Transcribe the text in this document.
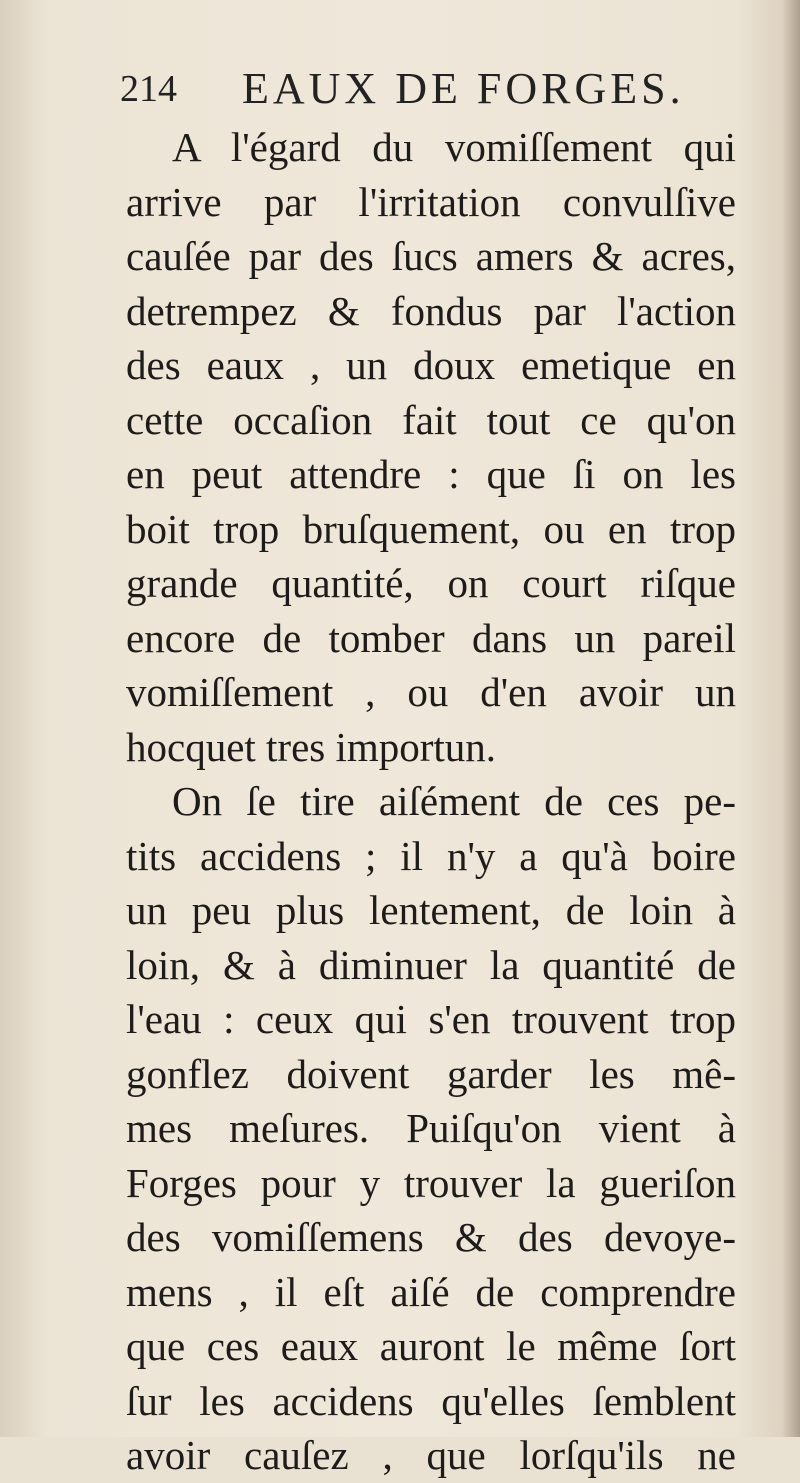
214 EAUX DE FORGES.
A l'égard du vomiſſement qui
arrive par l'irritation convulſive
cauſée par des ſucs amers & acres,
detrempez & fondus par l'action
des eaux , un doux emetique en
cette occaſion fait tout ce qu'on
en peut attendre : que ſi on les
boit trop bruſquement, ou en trop
grande quantité, on court riſque
encore de tomber dans un pareil
vomiſſement , ou d'en avoir un
hocquet tres importun.
On ſe tire aiſément de ces pe-
tits accidens ; il n'y a qu'à boire
un peu plus lentement, de loin à
loin, & à diminuer la quantité de
l'eau : ceux qui s'en trouvent trop
gonflez doivent garder les mê-
mes meſures. Puiſqu'on vient à
Forges pour y trouver la gueriſon
des vomiſſemens & des devoye-
mens , il eſt aiſé de comprendre
que ces eaux auront le même ſort
ſur les accidens qu'elles ſemblent
avoir cauſez , que lorſqu'ils ne
